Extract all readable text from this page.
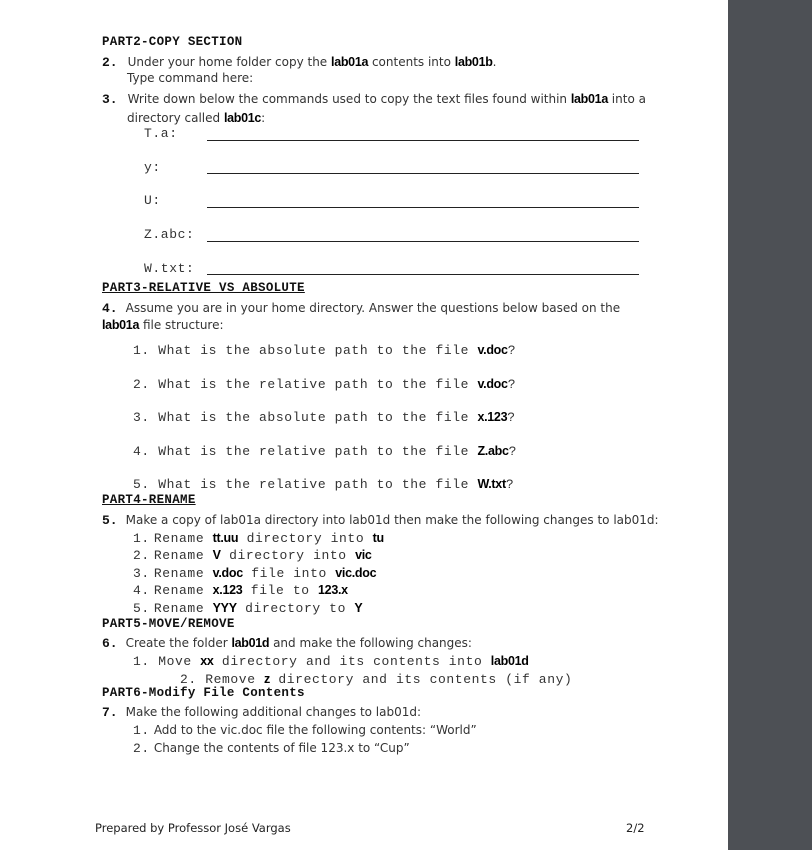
PART2-COPY SECTION
2. Under your home folder copy the lab01a contents into lab01b.
Type command here:
3. Write down below the commands used to copy the text files found within lab01a into a
directory called lab01c:
T.a:
y:
U:
Z.abc:
W.txt:
PART3-RELATIVE VS ABSOLUTE
4. Assume you are in your home directory. Answer the questions below based on the
lab01a file structure:
1. What is the absolute path to the file v.doc?
2. What is the relative path to the file v.doc?
3. What is the absolute path to the file x.123?
4. What is the relative path to the file Z.abc?
5. What is the relative path to the file W.txt?
PART4-RENAME
5. Make a copy of lab01a directory into lab01d then make the following changes to lab01d:
1. Rename tt.uu directory into tu
2. Rename V directory into vic
3. Rename v.doc file into vic.doc
4. Rename x.123 file to 123.x
5. Rename YYY directory to Y
PART5-MOVE/REMOVE
6. Create the folder lab01d and make the following changes:
1. Move xx directory and its contents into lab01d
2. Remove z directory and its contents (if any)
PART6-Modify File Contents
7. Make the following additional changes to lab01d:
1. Add to the vic.doc file the following contents: “World”
2. Change the contents of file 123.x to “Cup”
Prepared by Professor José Vargas	2/2
